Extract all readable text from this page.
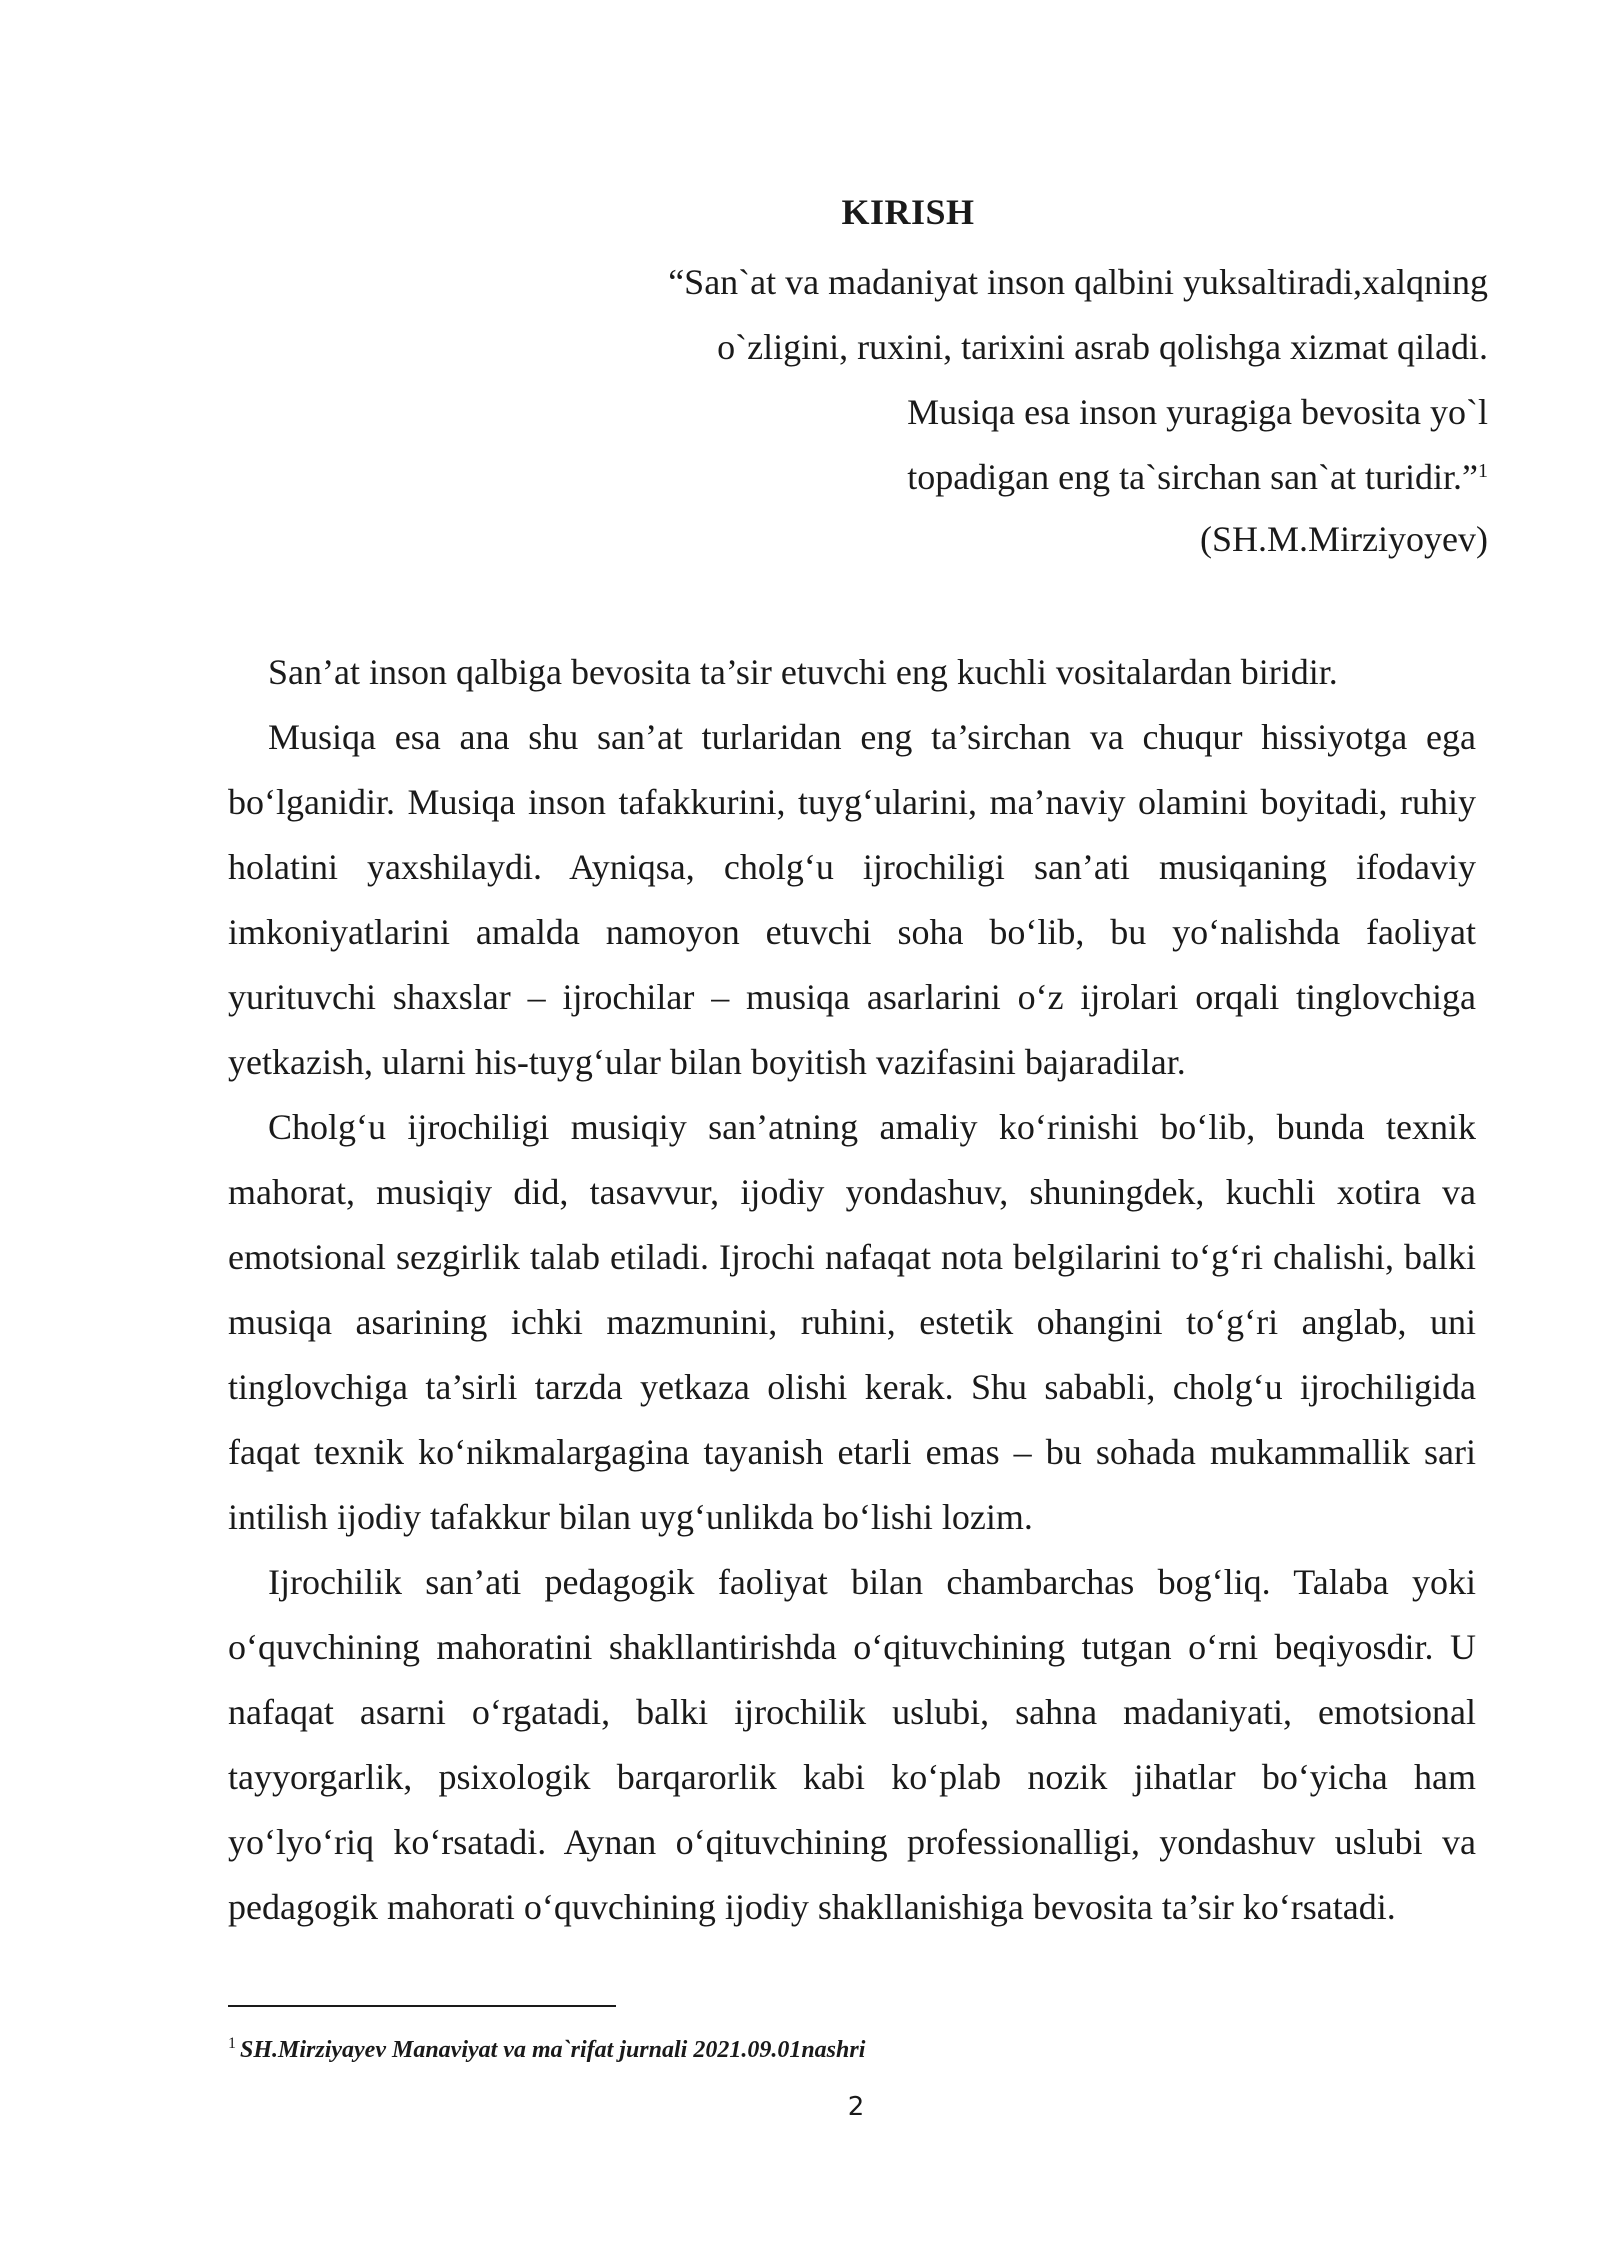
KIRISH
“San`at va madaniyat inson qalbini yuksaltiradi,xalqning
o`zligini, ruxini, tarixini asrab qolishga xizmat qiladi.
Musiqa esa inson yuragiga bevosita yo`l
topadigan eng ta`sirchan san`at turidir.”$^1$
(SH.M.Mirziyoyev)

San’at inson qalbiga bevosita ta’sir etuvchi eng kuchli vositalardan biridir.

Musiqa esa ana shu san’at turlaridan eng ta’sirchan va chuqur hissiyotga ega bo‘lganidir. Musiqa inson tafakkurini, tuyg‘ularini, ma’naviy olamini boyitadi, ruhiy holatini yaxshilaydi. Ayniqsa, cholg‘u ijrochiligi san’ati musiqaning ifodaviy imkoniyatlarini amalda namoyon etuvchi soha bo‘lib, bu yo‘nalishda faoliyat yurituvchi shaxslar – ijrochilar – musiqa asarlarini o‘z ijrolari orqali tinglovchiga yetkazish, ularni his-tuyg‘ular bilan boyitish vazifasini bajaradilar.

Cholg‘u ijrochiligi musiqiy san’atning amaliy ko‘rinishi bo‘lib, bunda texnik mahorat, musiqiy did, tasavvur, ijodiy yondashuv, shuningdek, kuchli xotira va emotsional sezgirlik talab etiladi. Ijrochi nafaqat nota belgilarini to‘g‘ri chalishi, balki musiqa asarining ichki mazmunini, ruhini, estetik ohangini to‘g‘ri anglab, uni tinglovchiga ta’sirli tarzda yetkaza olishi kerak. Shu sababli, cholg‘u ijrochiligida faqat texnik ko‘nikmalargagina tayanish etarli emas – bu sohada mukammallik sari intilish ijodiy tafakkur bilan uyg‘unlikda bo‘lishi lozim.

Ijrochilik san’ati pedagogik faoliyat bilan chambarchas bog‘liq. Talaba yoki o‘quvchining mahoratini shakllantirishda o‘qituvchining tutgan o‘rni beqiyosdir. U nafaqat asarni o‘rgatadi, balki ijrochilik uslubi, sahna madaniyati, emotsional tayyorgarlik, psixologik barqarorlik kabi ko‘plab nozik jihatlar bo‘yicha ham yo‘lyo‘riq ko‘rsatadi. Aynan o‘qituvchining professionalligi, yondashuv uslubi va pedagogik mahorati o‘quvchining ijodiy shakllanishiga bevosita ta’sir ko‘rsatadi.

$^1$ SH.Mirziyayev Manaviyat va ma`rifat jurnali 2021.09.01nashri
2
